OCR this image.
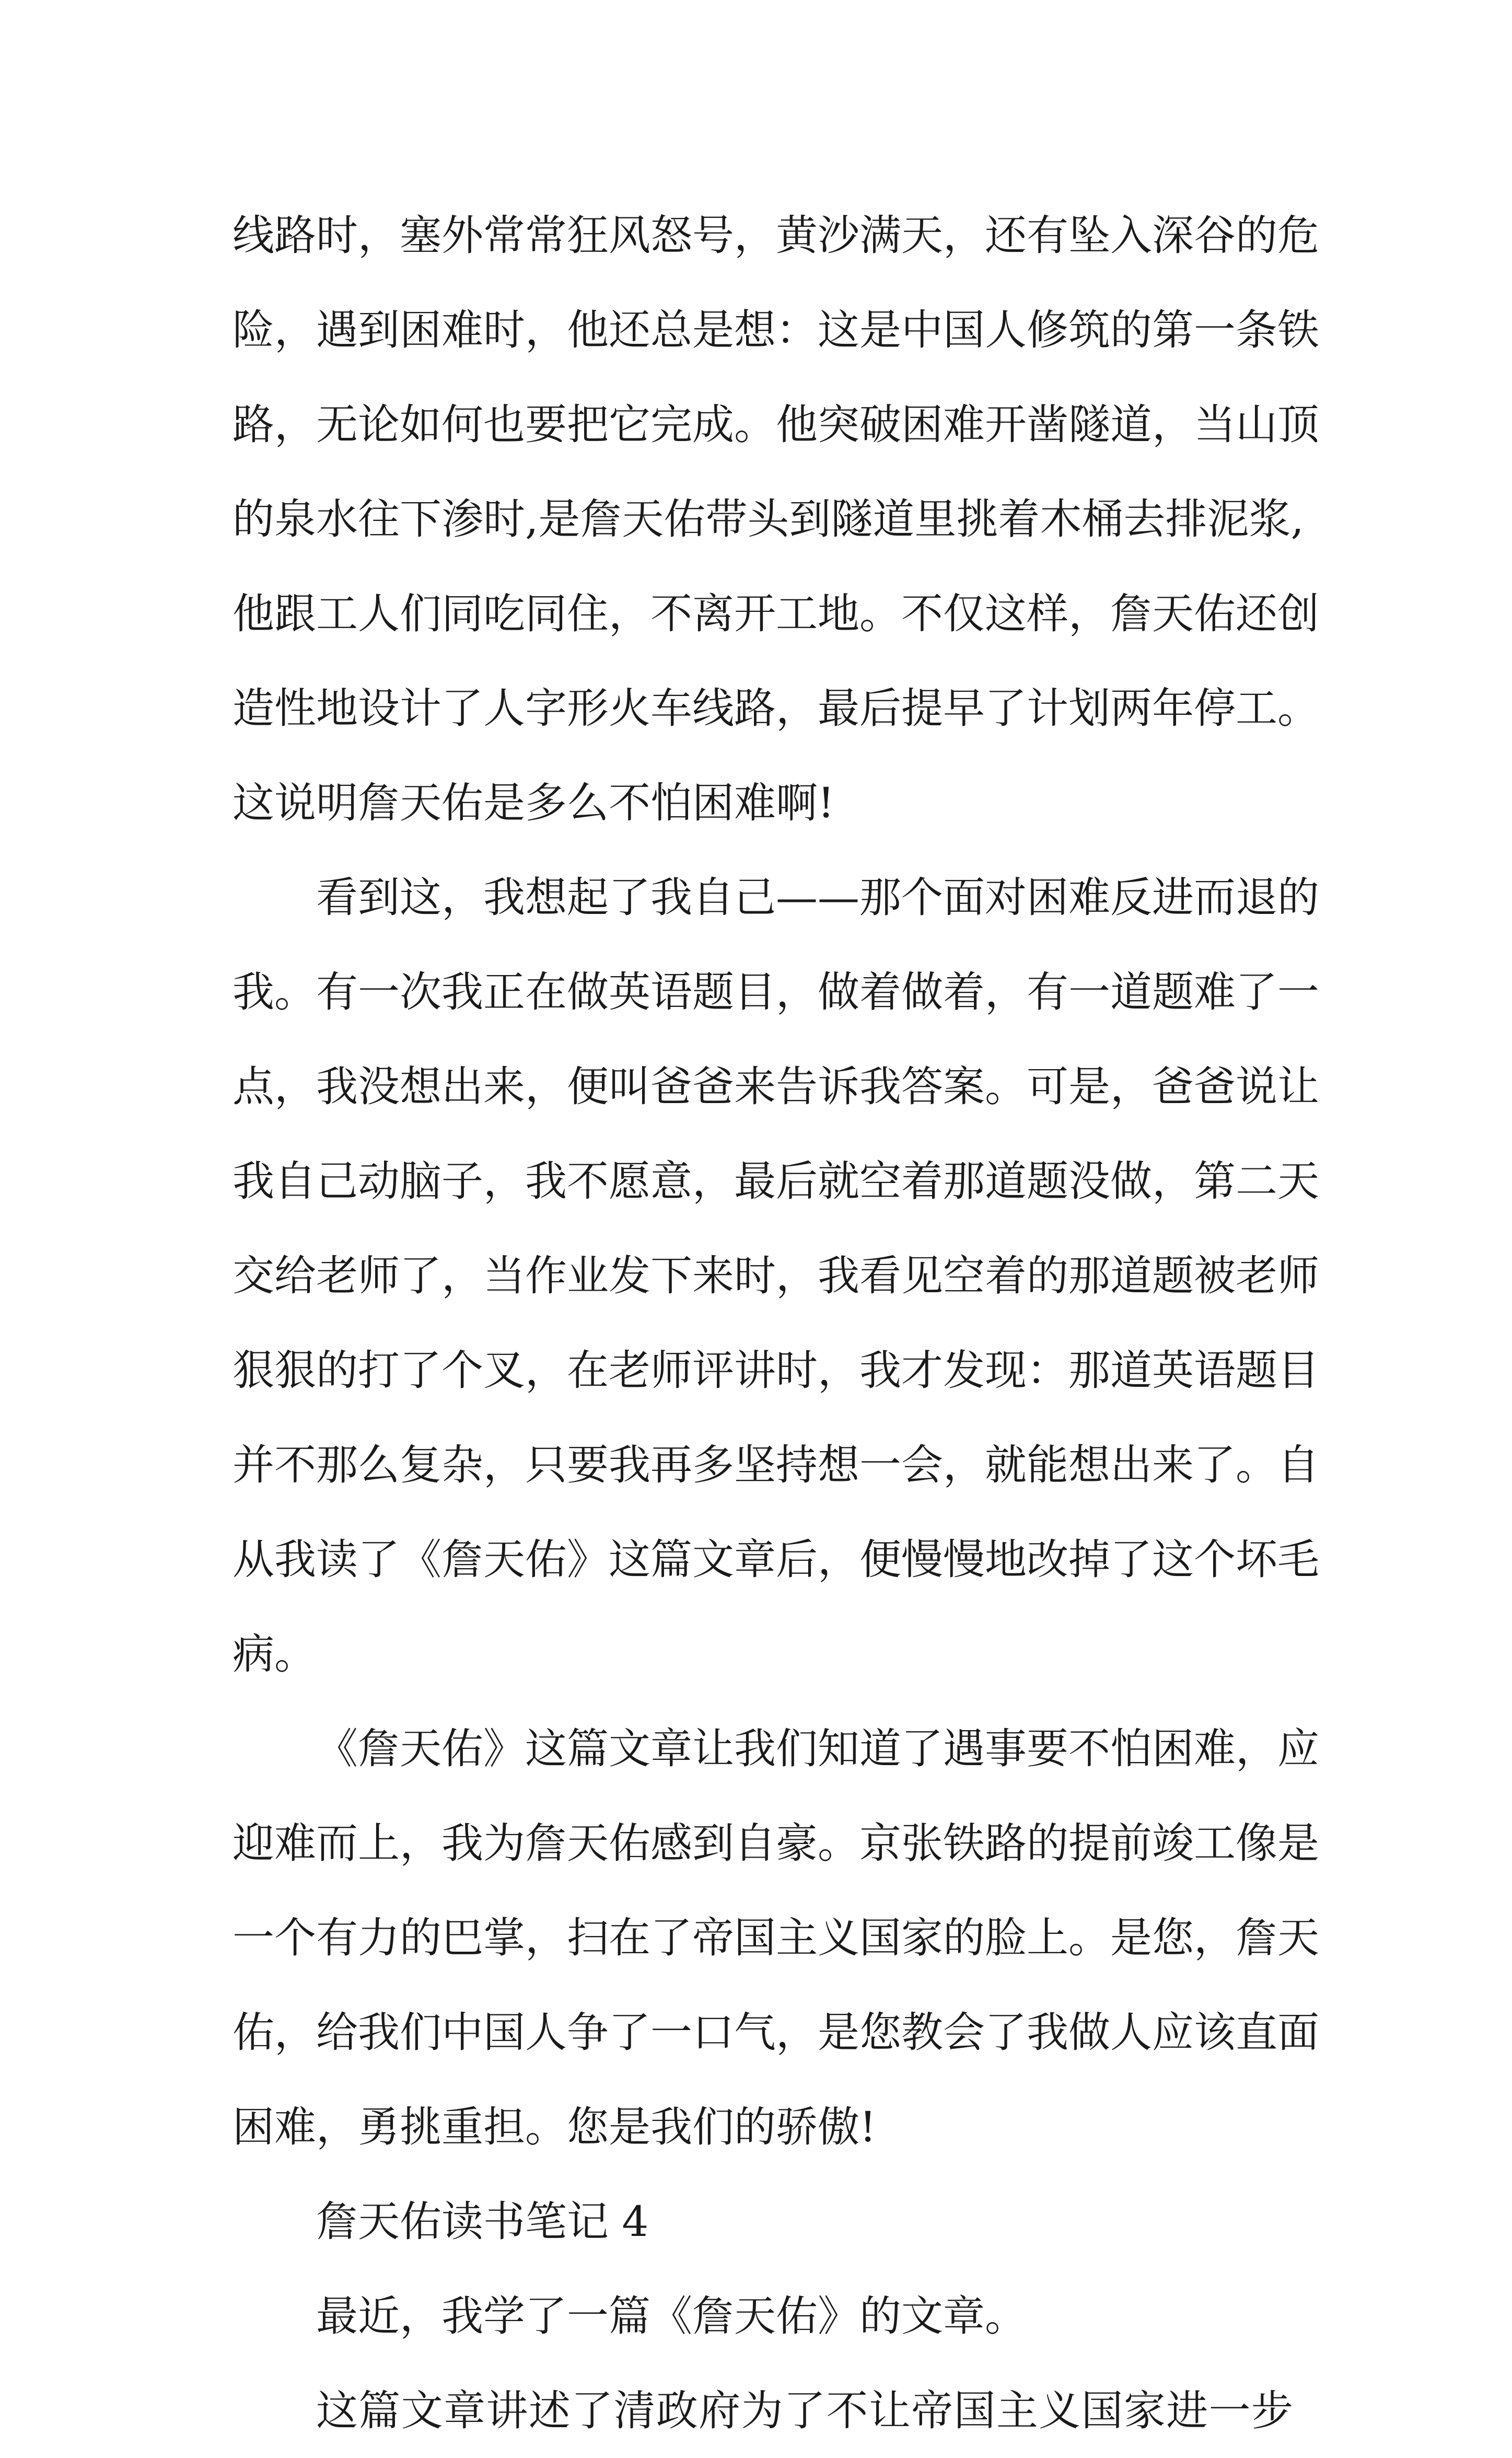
线路时，塞外常常狂风怒号，黄沙满天，还有坠入深谷的危
险，遇到困难时，他还总是想：这是中国人修筑的第一条铁
路，无论如何也要把它完成。他突破困难开凿隧道，当山顶
的泉水往下渗时,是詹天佑带头到隧道里挑着木桶去排泥浆,
他跟工人们同吃同住，不离开工地。不仅这样，詹天佑还创
造性地设计了人字形火车线路，最后提早了计划两年停工。
这说明詹天佑是多么不怕困难啊!
看到这，我想起了我自己——那个面对困难反进而退的
我。有一次我正在做英语题目，做着做着，有一道题难了一
点，我没想出来，便叫爸爸来告诉我答案。可是，爸爸说让
我自己动脑子，我不愿意，最后就空着那道题没做，第二天
交给老师了，当作业发下来时，我看见空着的那道题被老师
狠狠的打了个叉，在老师评讲时，我才发现：那道英语题目
并不那么复杂，只要我再多坚持想一会，就能想出来了。自
从我读了《詹天佑》这篇文章后，便慢慢地改掉了这个坏毛
病。
《詹天佑》这篇文章让我们知道了遇事要不怕困难，应
迎难而上，我为詹天佑感到自豪。京张铁路的提前竣工像是
一个有力的巴掌，扫在了帝国主义国家的脸上。是您，詹天
佑，给我们中国人争了一口气，是您教会了我做人应该直面
困难，勇挑重担。您是我们的骄傲!
詹天佑读书笔记 4
最近，我学了一篇《詹天佑》的文章。
这篇文章讲述了清政府为了不让帝国主义国家进一步
